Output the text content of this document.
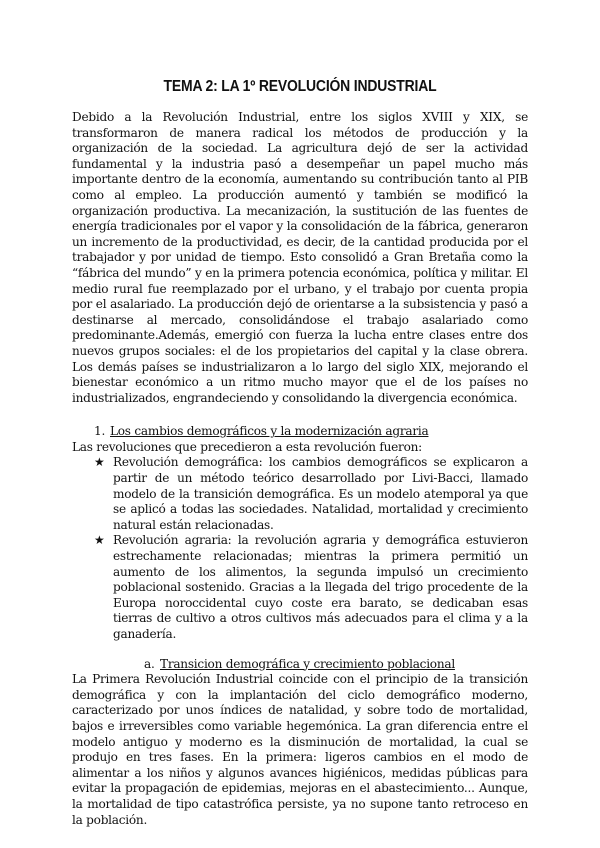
TEMA 2: LA 1º REVOLUCIÓN INDUSTRIAL

Debido a la Revolución Industrial, entre los siglos XVIII y XIX, se transformaron de manera radical los métodos de producción y la organización de la sociedad. La agricultura dejó de ser la actividad fundamental y la industria pasó a desempeñar un papel mucho más importante dentro de la economía, aumentando su contribución tanto al PIB como al empleo. La producción aumentó y también se modificó la organización productiva. La mecanización, la sustitución de las fuentes de energía tradicionales por el vapor y la consolidación de la fábrica, generaron un incremento de la productividad, es decir, de la cantidad producida por el trabajador y por unidad de tiempo. Esto consolidó a Gran Bretaña como la “fábrica del mundo” y en la primera potencia económica, política y militar. El medio rural fue reemplazado por el urbano, y el trabajo por cuenta propia por el asalariado. La producción dejó de orientarse a la subsistencia y pasó a destinarse al mercado, consolidándose el trabajo asalariado como predominante.Además, emergió con fuerza la lucha entre clases entre dos nuevos grupos sociales: el de los propietarios del capital y la clase obrera. Los demás países se industrializaron a lo largo del siglo XIX, mejorando el bienestar económico a un ritmo mucho mayor que el de los países no industrializados, engrandeciendo y consolidando la divergencia económica.

1. Los cambios demográficos y la modernización agraria

Las revoluciones que precedieron a esta revolución fueron:

★ Revolución demográfica: los cambios demográficos se explicaron a partir de un método teórico desarrollado por Livi-Bacci, llamado modelo de la transición demográfica. Es un modelo atemporal ya que se aplicó a todas las sociedades. Natalidad, mortalidad y crecimiento natural están relacionadas.
★ Revolución agraria: la revolución agraria y demográfica estuvieron estrechamente relacionadas; mientras la primera permitió un aumento de los alimentos, la segunda impulsó un crecimiento poblacional sostenido. Gracias a la llegada del trigo procedente de la Europa noroccidental cuyo coste era barato, se dedicaban esas tierras de cultivo a otros cultivos más adecuados para el clima y a la ganadería.
a. Transicion demográfica y crecimiento poblacional

La Primera Revolución Industrial coincide con el principio de la transición demográfica y con la implantación del ciclo demográfico moderno, caracterizado por unos índices de natalidad, y sobre todo de mortalidad, bajos e irreversibles como variable hegemónica. La gran diferencia entre el modelo antiguo y moderno es la disminución de mortalidad, la cual se produjo en tres fases. En la primera: ligeros cambios en el modo de alimentar a los niños y algunos avances higiénicos, medidas públicas para evitar la propagación de epidemias, mejoras en el abastecimiento... Aunque, la mortalidad de tipo catastrófica persiste, ya no supone tanto retroceso en la población.
